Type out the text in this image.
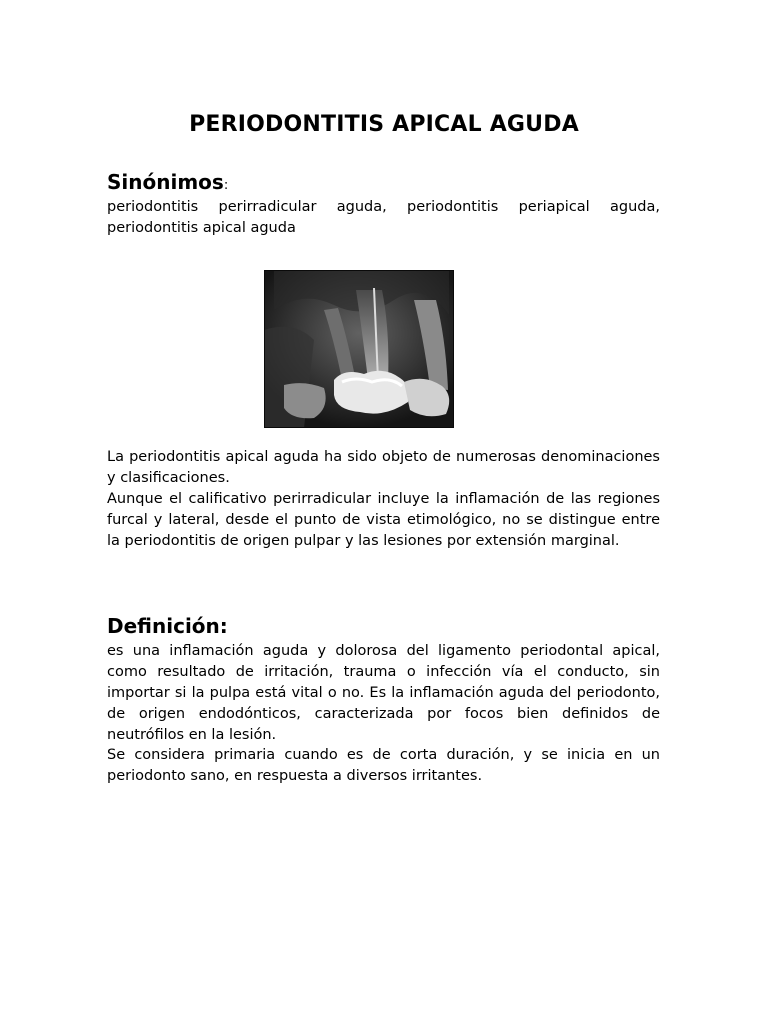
PERIODONTITIS APICAL AGUDA
Sinónimos:

periodontitis perirradicular aguda, periodontitis periapical aguda, periodontitis apical aguda

La periodontitis apical aguda ha sido objeto de numerosas denominaciones y clasificaciones.

Aunque el calificativo perirradicular incluye la inflamación de las regiones furcal y lateral, desde el punto de vista etimológico, no se distingue entre la periodontitis de origen pulpar y las lesiones por extensión marginal.

Definición:

es una inflamación aguda y dolorosa del ligamento periodontal apical, como resultado de irritación, trauma o infección vía el conducto, sin importar si la pulpa está vital o no. Es la inflamación aguda del periodonto, de origen endodónticos, caracterizada por focos bien definidos de neutrófilos en la lesión.

Se considera primaria cuando es de corta duración, y se inicia en un periodonto sano, en respuesta a diversos irritantes.
